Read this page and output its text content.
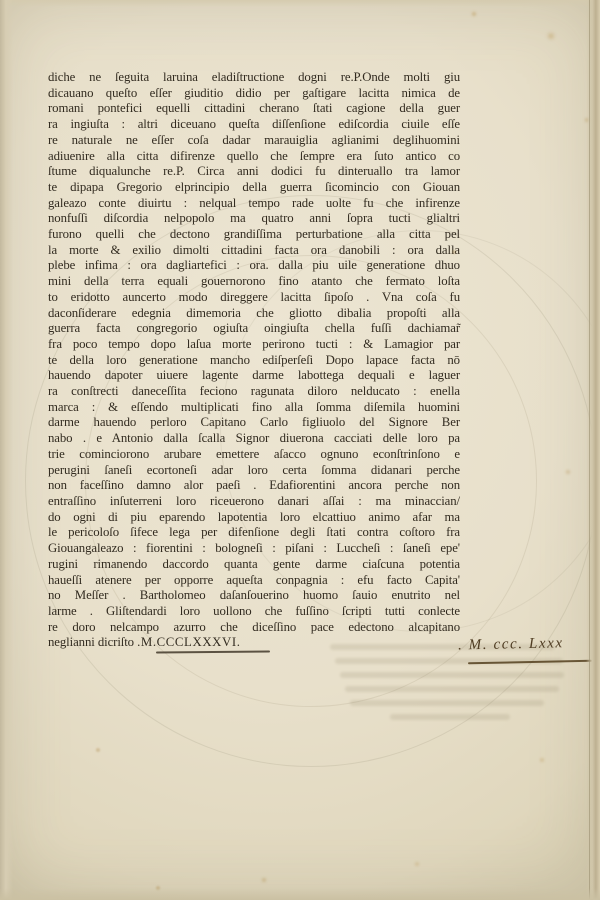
diche ne ſeguita laruina eladiſtructione dogni re.P.Onde molti giu
dicauano queſto eſſer giuditio didio per gaſtigare lacitta nimica de
romani pontefici equelli cittadini cherano ſtati cagione della guer
ra ingiuſta : altri diceuano queſta diſſenſione ediſcordia ciuile eſſe
re naturale ne eſſer coſa dadar marauiglia aglianimi deglihuomini
adiuenire alla citta difirenze quello che ſempre era ſuto antico co
ſtume diqualunche re.P. Circa anni dodici fu dinteruallo tra lamor
te dipapa Gregorio elprincipio della guerra ſicomincio con Giouan
galeazo conte diuirtu : nelqual tempo rade uolte fu che infirenze
nonfuſſi diſcordia nelpopolo ma quatro anni ſopra tucti glialtri
furono quelli che dectono grandiſſima perturbatione alla citta pel
la morte & exilio dimolti cittadini facta ora danobili : ora dalla
plebe infima : ora dagliartefici : ora. dalla piu uile generatione dhuo
mini della terra equali gouernorono fino atanto che fermato loſta
to eridotto auncerto modo direggere lacitta ſipoſo . Vna coſa fu
daconſiderare edegnia dimemoria che gliotto dibalia propoſti alla
guerra facta congregorio ogiuſta oingiuſta chella fuſſi dachiamar̃
fra poco tempo dopo laſua morte perirono tucti : & Lamagior par
te della loro generatione mancho ediſperſeſi Dopo lapace facta nō
hauendo dapoter uiuere lagente darme labottega dequali e laguer
ra conſtrecti daneceſſita feciono ragunata diloro nelducato : enella
marca : & eſſendo multiplicati fino alla ſomma diſemila huomini
darme hauendo perloro Capitano Carlo figliuolo del Signore Ber
nabo . e Antonio dalla ſcalla Signor diuerona cacciati delle loro pa
trie cominciorono arubare emettere aſacco ognuno econſtrinſono e
perugini ſaneſi ecortoneſi adar loro certa ſomma didanari perche
non faceſſino damno alor paeſi . Edafiorentini ancora perche non
entraſſino inſuterreni loro riceuerono danari aſſai : ma minaccian/
do ogni di piu eparendo lapotentia loro elcattiuo animo afar ma
le pericoloſo ſifece lega per difenſione degli ſtati contra coſtoro fra
Giouangaleazo : fiorentini : bologneſi : piſani : Luccheſi : ſaneſi epe'
rugini rimanendo daccordo quanta gente darme ciaſcuna potentia
haueſſi atenere per opporre aqueſta conpagnia : efu facto Capita'
no Meſſer . Bartholomeo daſanſouerino huomo ſauio enutrito nel
larme . Gliſtendardi loro uollono che fuſſino ſcripti tutti conlecte
re doro nelcampo azurro che diceſſino pace edectono alcapitano
neglianni dicriſto .M.CCCLXXXVI.	. M. ccc. Lxxx
